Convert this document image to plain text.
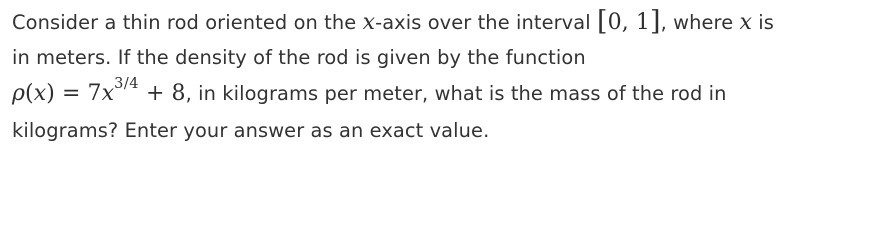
Consider a thin rod oriented on the x-axis over the interval [0, 1], where x is
in meters. If the density of the rod is given by the function
$\rho(x) = 7x^{3/4} + 8$, in kilograms per meter, what is the mass of the rod in
kilograms? Enter your answer as an exact value.
